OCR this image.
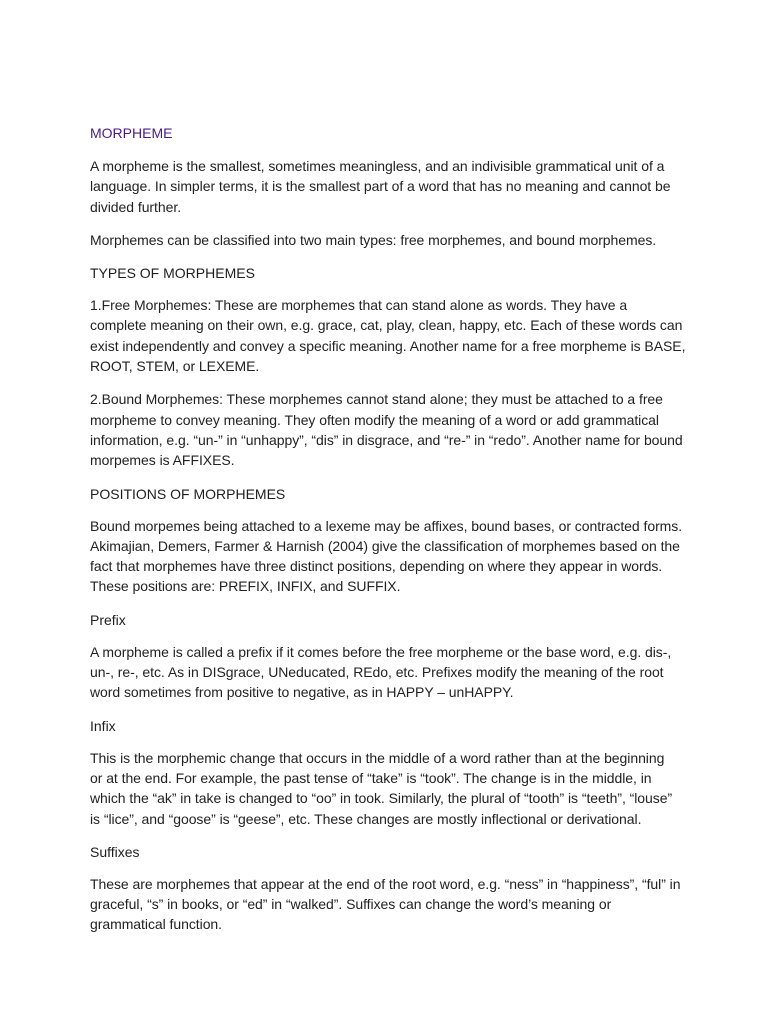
MORPHEME

A morpheme is the smallest, sometimes meaningless, and an indivisible grammatical unit of a
language. In simpler terms, it is the smallest part of a word that has no meaning and cannot be
divided further.

Morphemes can be classified into two main types: free morphemes, and bound morphemes.

TYPES OF MORPHEMES

1.Free Morphemes: These are morphemes that can stand alone as words. They have a
complete meaning on their own, e.g. grace, cat, play, clean, happy, etc. Each of these words can
exist independently and convey a specific meaning. Another name for a free morpheme is BASE,
ROOT, STEM, or LEXEME.

2.Bound Morphemes: These morphemes cannot stand alone; they must be attached to a free
morpheme to convey meaning. They often modify the meaning of a word or add grammatical
information, e.g. “un-” in “unhappy”, “dis” in disgrace, and “re-” in “redo”. Another name for bound
morpemes is AFFIXES.

POSITIONS OF MORPHEMES

Bound morpemes being attached to a lexeme may be affixes, bound bases, or contracted forms.
Akimajian, Demers, Farmer & Harnish (2004) give the classification of morphemes based on the
fact that morphemes have three distinct positions, depending on where they appear in words.
These positions are: PREFIX, INFIX, and SUFFIX.

Prefix

A morpheme is called a prefix if it comes before the free morpheme or the base word, e.g. dis-,
un-, re-, etc. As in DISgrace, UNeducated, REdo, etc. Prefixes modify the meaning of the root
word sometimes from positive to negative, as in HAPPY – unHAPPY.

Infix

This is the morphemic change that occurs in the middle of a word rather than at the beginning
or at the end. For example, the past tense of “take” is “took”. The change is in the middle, in
which the “ak” in take is changed to “oo” in took. Similarly, the plural of “tooth” is “teeth”, “louse”
is “lice”, and “goose” is “geese”, etc. These changes are mostly inflectional or derivational.

Suffixes

These are morphemes that appear at the end of the root word, e.g. “ness” in “happiness”, “ful” in
graceful, “s” in books, or “ed” in “walked”. Suffixes can change the word’s meaning or
grammatical function.
